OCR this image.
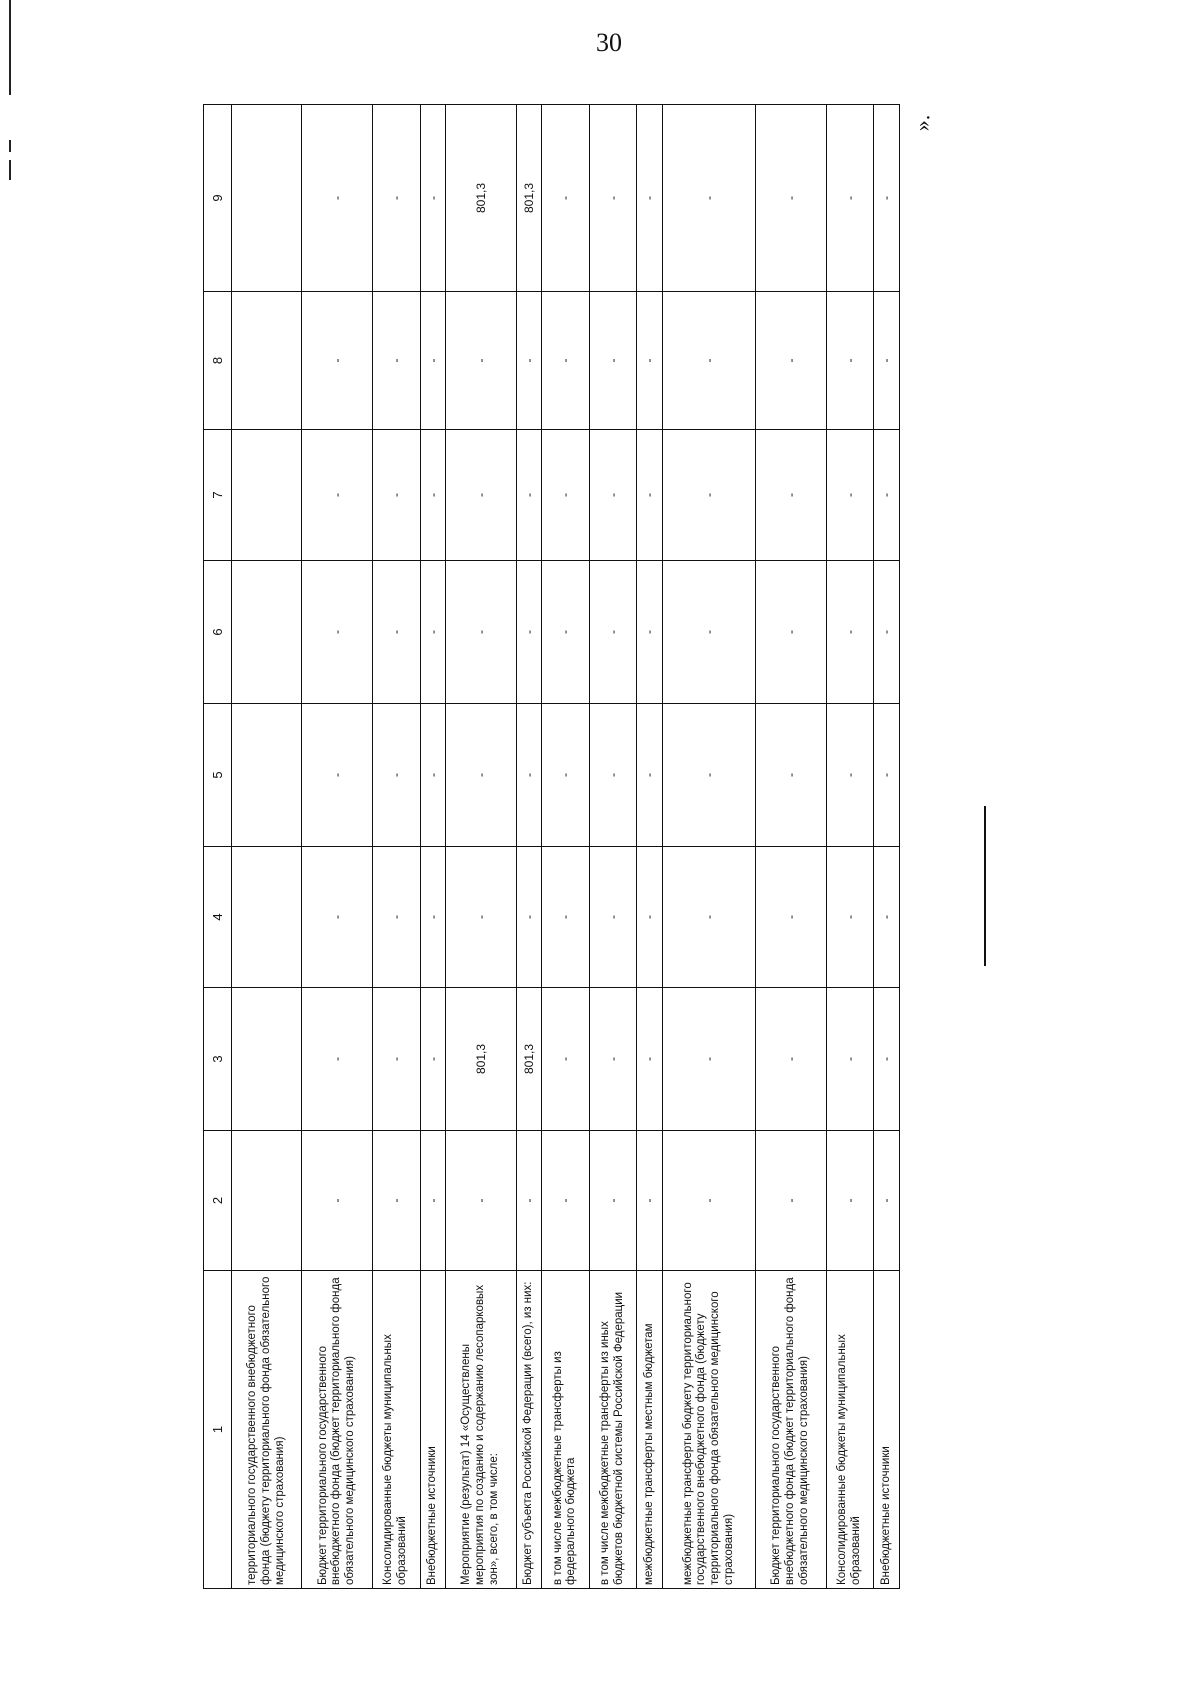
30
1	2	3	4	5	6	7	8	9
территориального государственного внебюджетного фонда (бюджету территориального фонда обязательного медицинского страхования)								
Бюджет территориального государственного внебюджетного фонда (бюджет территориального фонда обязательного медицинского страхования)	-	-	-	-	-	-	-	-
Консолидированные бюджеты муниципальных образований	-	-	-	-	-	-	-	-
Внебюджетные источники	-	-	-	-	-	-	-	-
Мероприятие (результат) 14 «Осуществлены мероприятия по созданию и содержанию лесопарковых зон», всего, в том числе:	-	801,3	-	-	-	-	-	801,3
Бюджет субъекта Российской Федерации (всего), из них:	-	801,3	-	-	-	-	-	801,3
в том числе межбюджетные трансферты из федерального бюджета	-	-	-	-	-	-	-	-
в том числе межбюджетные трансферты из иных бюджетов бюджетной системы Российской Федерации	-	-	-	-	-	-	-	-
межбюджетные трансферты местным бюджетам	-	-	-	-	-	-	-	-
межбюджетные трансферты бюджету территориального государственного внебюджетного фонда (бюджету территориального фонда обязательного медицинского страхования)	-	-	-	-	-	-	-	-
Бюджет территориального государственного внебюджетного фонда (бюджет территориального фонда обязательного медицинского страхования)	-	-	-	-	-	-	-	-
Консолидированные бюджеты муниципальных образований	-	-	-	-	-	-	-	-
Внебюджетные источники	-	-	-	-	-	-	-	-
».
